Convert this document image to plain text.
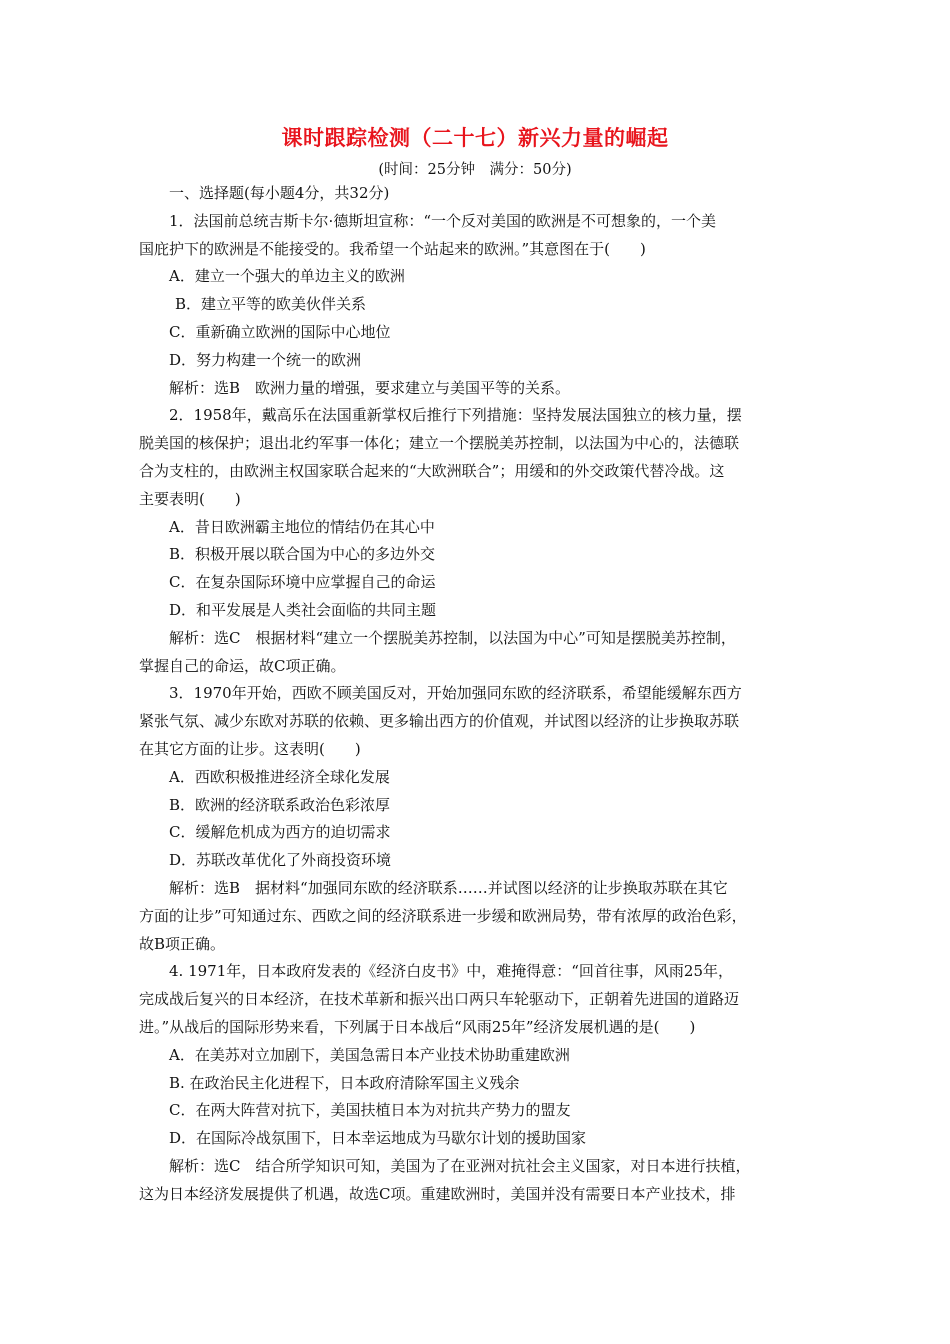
课时跟踪检测（二十七）新兴力量的崛起
(时间：25分钟　满分：50分)

一、选择题(每小题4分，共32分)

1．法国前总统吉斯卡尔·德斯坦宣称：“一个反对美国的欧洲是不可想象的，一个美

国庇护下的欧洲是不能接受的。我希望一个站起来的欧洲。”其意图在于(　　)

A．建立一个强大的单边主义的欧洲

B．建立平等的欧美伙伴关系

C．重新确立欧洲的国际中心地位

D．努力构建一个统一的欧洲

解析：选B　欧洲力量的增强，要求建立与美国平等的关系。

2．1958年，戴高乐在法国重新掌权后推行下列措施：坚持发展法国独立的核力量，摆

脱美国的核保护；退出北约军事一体化；建立一个摆脱美苏控制，以法国为中心的，法德联

合为支柱的，由欧洲主权国家联合起来的“大欧洲联合”；用缓和的外交政策代替冷战。这

主要表明(　　)

A．昔日欧洲霸主地位的情结仍在其心中

B．积极开展以联合国为中心的多边外交

C．在复杂国际环境中应掌握自己的命运

D．和平发展是人类社会面临的共同主题

解析：选C　根据材料“建立一个摆脱美苏控制，以法国为中心”可知是摆脱美苏控制，

掌握自己的命运，故C项正确。

3．1970年开始，西欧不顾美国反对，开始加强同东欧的经济联系，希望能缓解东西方

紧张气氛、减少东欧对苏联的依赖、更多输出西方的价值观，并试图以经济的让步换取苏联

在其它方面的让步。这表明(　　)

A．西欧积极推进经济全球化发展

B．欧洲的经济联系政治色彩浓厚

C．缓解危机成为西方的迫切需求

D．苏联改革优化了外商投资环境

解析：选B　据材料“加强同东欧的经济联系……并试图以经济的让步换取苏联在其它

方面的让步”可知通过东、西欧之间的经济联系进一步缓和欧洲局势，带有浓厚的政治色彩，

故B项正确。

4. 1971年，日本政府发表的《经济白皮书》中，难掩得意：“回首往事，风雨25年，

完成战后复兴的日本经济，在技术革新和振兴出口两只车轮驱动下，正朝着先进国的道路迈

进。”从战后的国际形势来看，下列属于日本战后“风雨25年”经济发展机遇的是(　　)

A．在美苏对立加剧下，美国急需日本产业技术协助重建欧洲

B. 在政治民主化进程下，日本政府清除军国主义残余

C．在两大阵营对抗下，美国扶植日本为对抗共产势力的盟友

D．在国际冷战氛围下，日本幸运地成为马歇尔计划的援助国家

解析：选C　结合所学知识可知，美国为了在亚洲对抗社会主义国家，对日本进行扶植，

这为日本经济发展提供了机遇，故选C项。重建欧洲时，美国并没有需要日本产业技术，排
